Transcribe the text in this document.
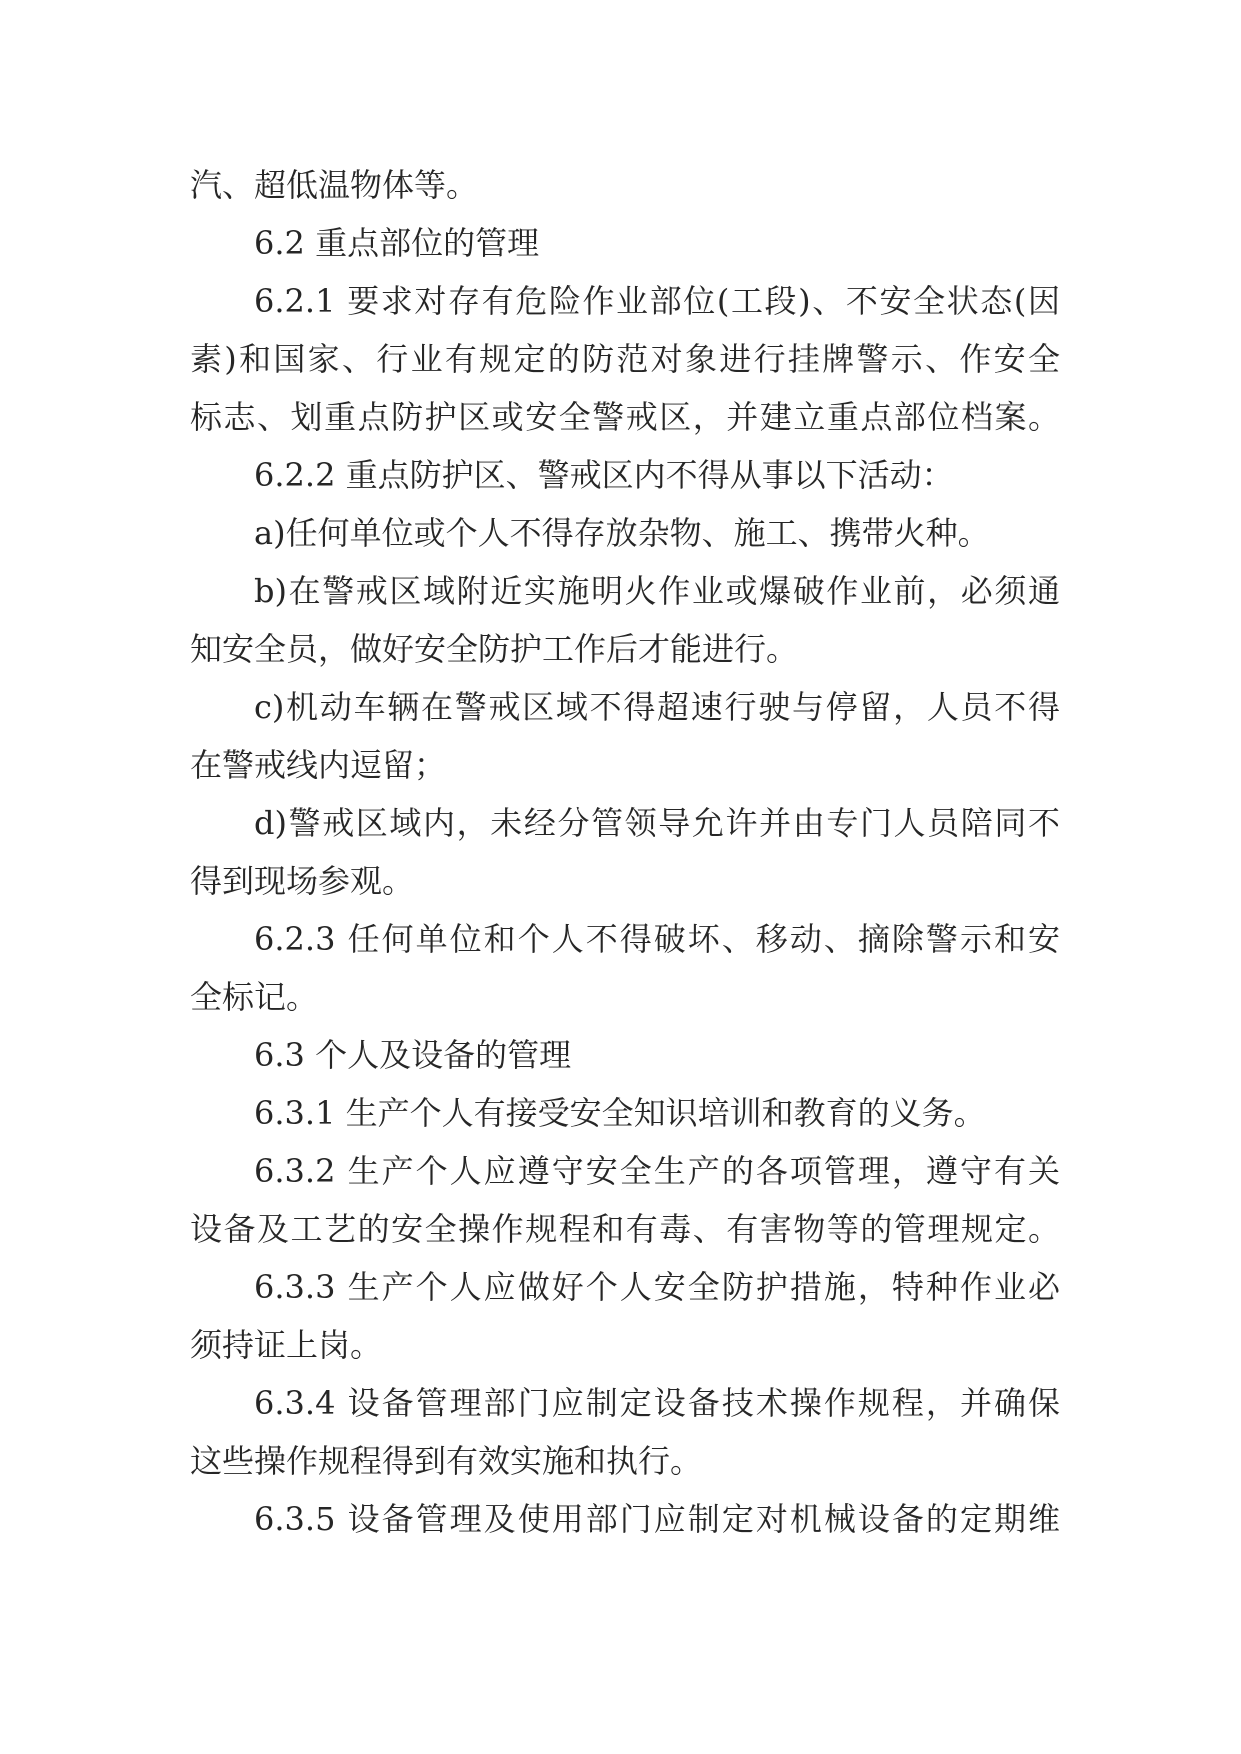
汽、超低温物体等。
6.2 重点部位的管理
6.2.1 要求对存有危险作业部位(工段)、不安全状态(因
素)和国家、行业有规定的防范对象进行挂牌警示、作安全
标志、划重点防护区或安全警戒区，并建立重点部位档案。
6.2.2 重点防护区、警戒区内不得从事以下活动：
a)任何单位或个人不得存放杂物、施工、携带火种。
b)在警戒区域附近实施明火作业或爆破作业前，必须通
知安全员，做好安全防护工作后才能进行。
c)机动车辆在警戒区域不得超速行驶与停留，人员不得
在警戒线内逗留；
d)警戒区域内，未经分管领导允许并由专门人员陪同不
得到现场参观。
6.2.3 任何单位和个人不得破坏、移动、摘除警示和安
全标记。
6.3 个人及设备的管理
6.3.1 生产个人有接受安全知识培训和教育的义务。
6.3.2 生产个人应遵守安全生产的各项管理，遵守有关
设备及工艺的安全操作规程和有毒、有害物等的管理规定。
6.3.3 生产个人应做好个人安全防护措施，特种作业必
须持证上岗。
6.3.4 设备管理部门应制定设备技术操作规程，并确保
这些操作规程得到有效实施和执行。
6.3.5 设备管理及使用部门应制定对机械设备的定期维
